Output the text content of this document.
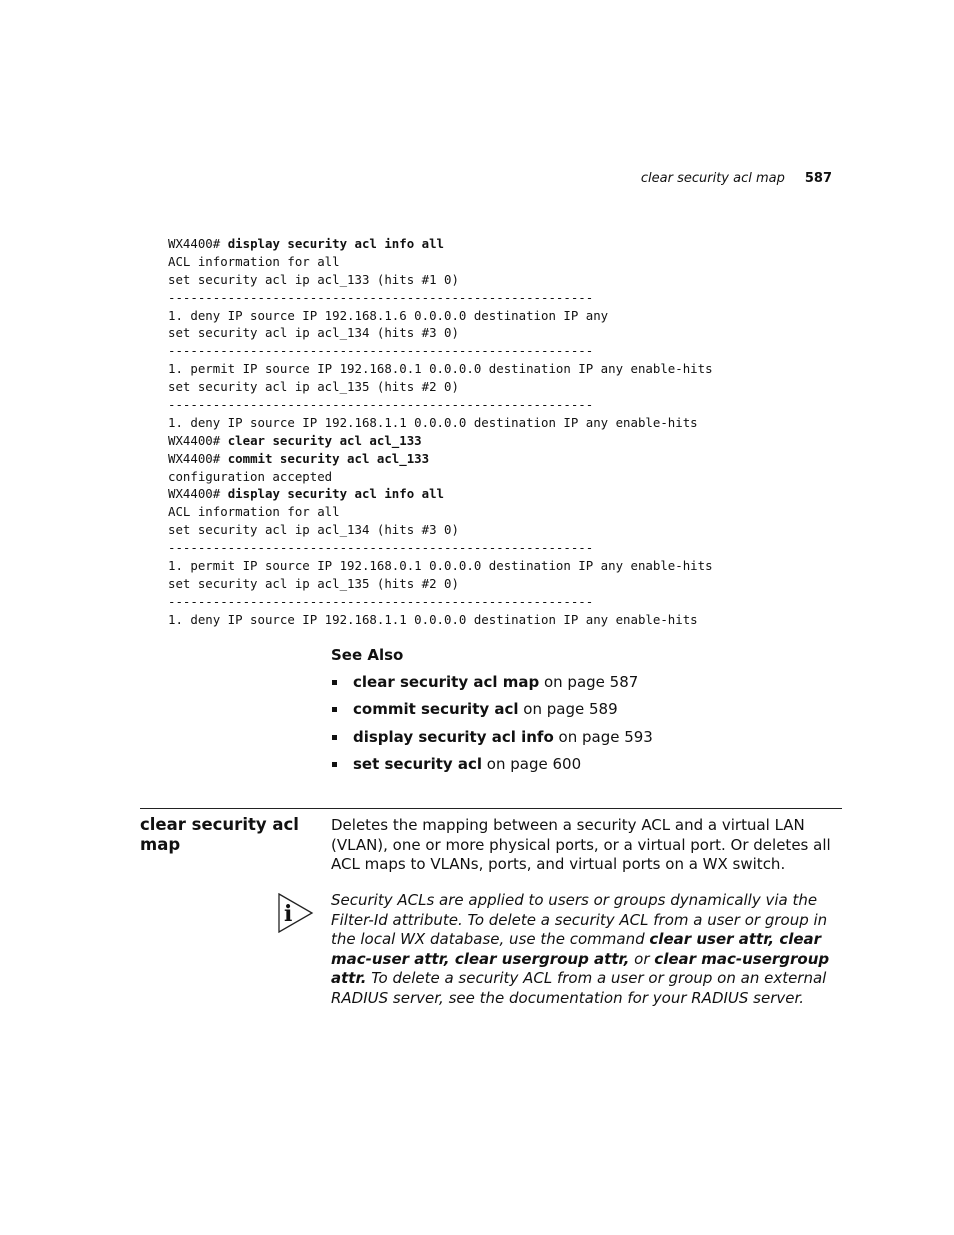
clear security acl map 587
WX4400# display security acl info all
ACL information for all
set security acl ip acl_133 (hits #1 0)
---------------------------------------------------------
1. deny IP source IP 192.168.1.6 0.0.0.0 destination IP any
set security acl ip acl_134 (hits #3 0)
---------------------------------------------------------
1. permit IP source IP 192.168.0.1 0.0.0.0 destination IP any enable-hits
set security acl ip acl_135 (hits #2 0)
---------------------------------------------------------
1. deny IP source IP 192.168.1.1 0.0.0.0 destination IP any enable-hits
WX4400# clear security acl acl_133
WX4400# commit security acl acl_133
configuration accepted
WX4400# display security acl info all
ACL information for all
set security acl ip acl_134 (hits #3 0)
---------------------------------------------------------
1. permit IP source IP 192.168.0.1 0.0.0.0 destination IP any enable-hits
set security acl ip acl_135 (hits #2 0)
---------------------------------------------------------
1. deny IP source IP 192.168.1.1 0.0.0.0 destination IP any enable-hits
See Also
clear security acl map on page 587
commit security acl on page 589
display security acl info on page 593
set security acl on page 600
clear security acl map
Deletes the mapping between a security ACL and a virtual LAN (VLAN), one or more physical ports, or a virtual port. Or deletes all ACL maps to VLANs, ports, and virtual ports on a WX switch.
i
Security ACLs are applied to users or groups dynamically via the Filter-Id attribute. To delete a security ACL from a user or group in the local WX database, use the command clear user attr, clear mac-user attr, clear usergroup attr, or clear mac-usergroup attr. To delete a security ACL from a user or group on an external RADIUS server, see the documentation for your RADIUS server.
